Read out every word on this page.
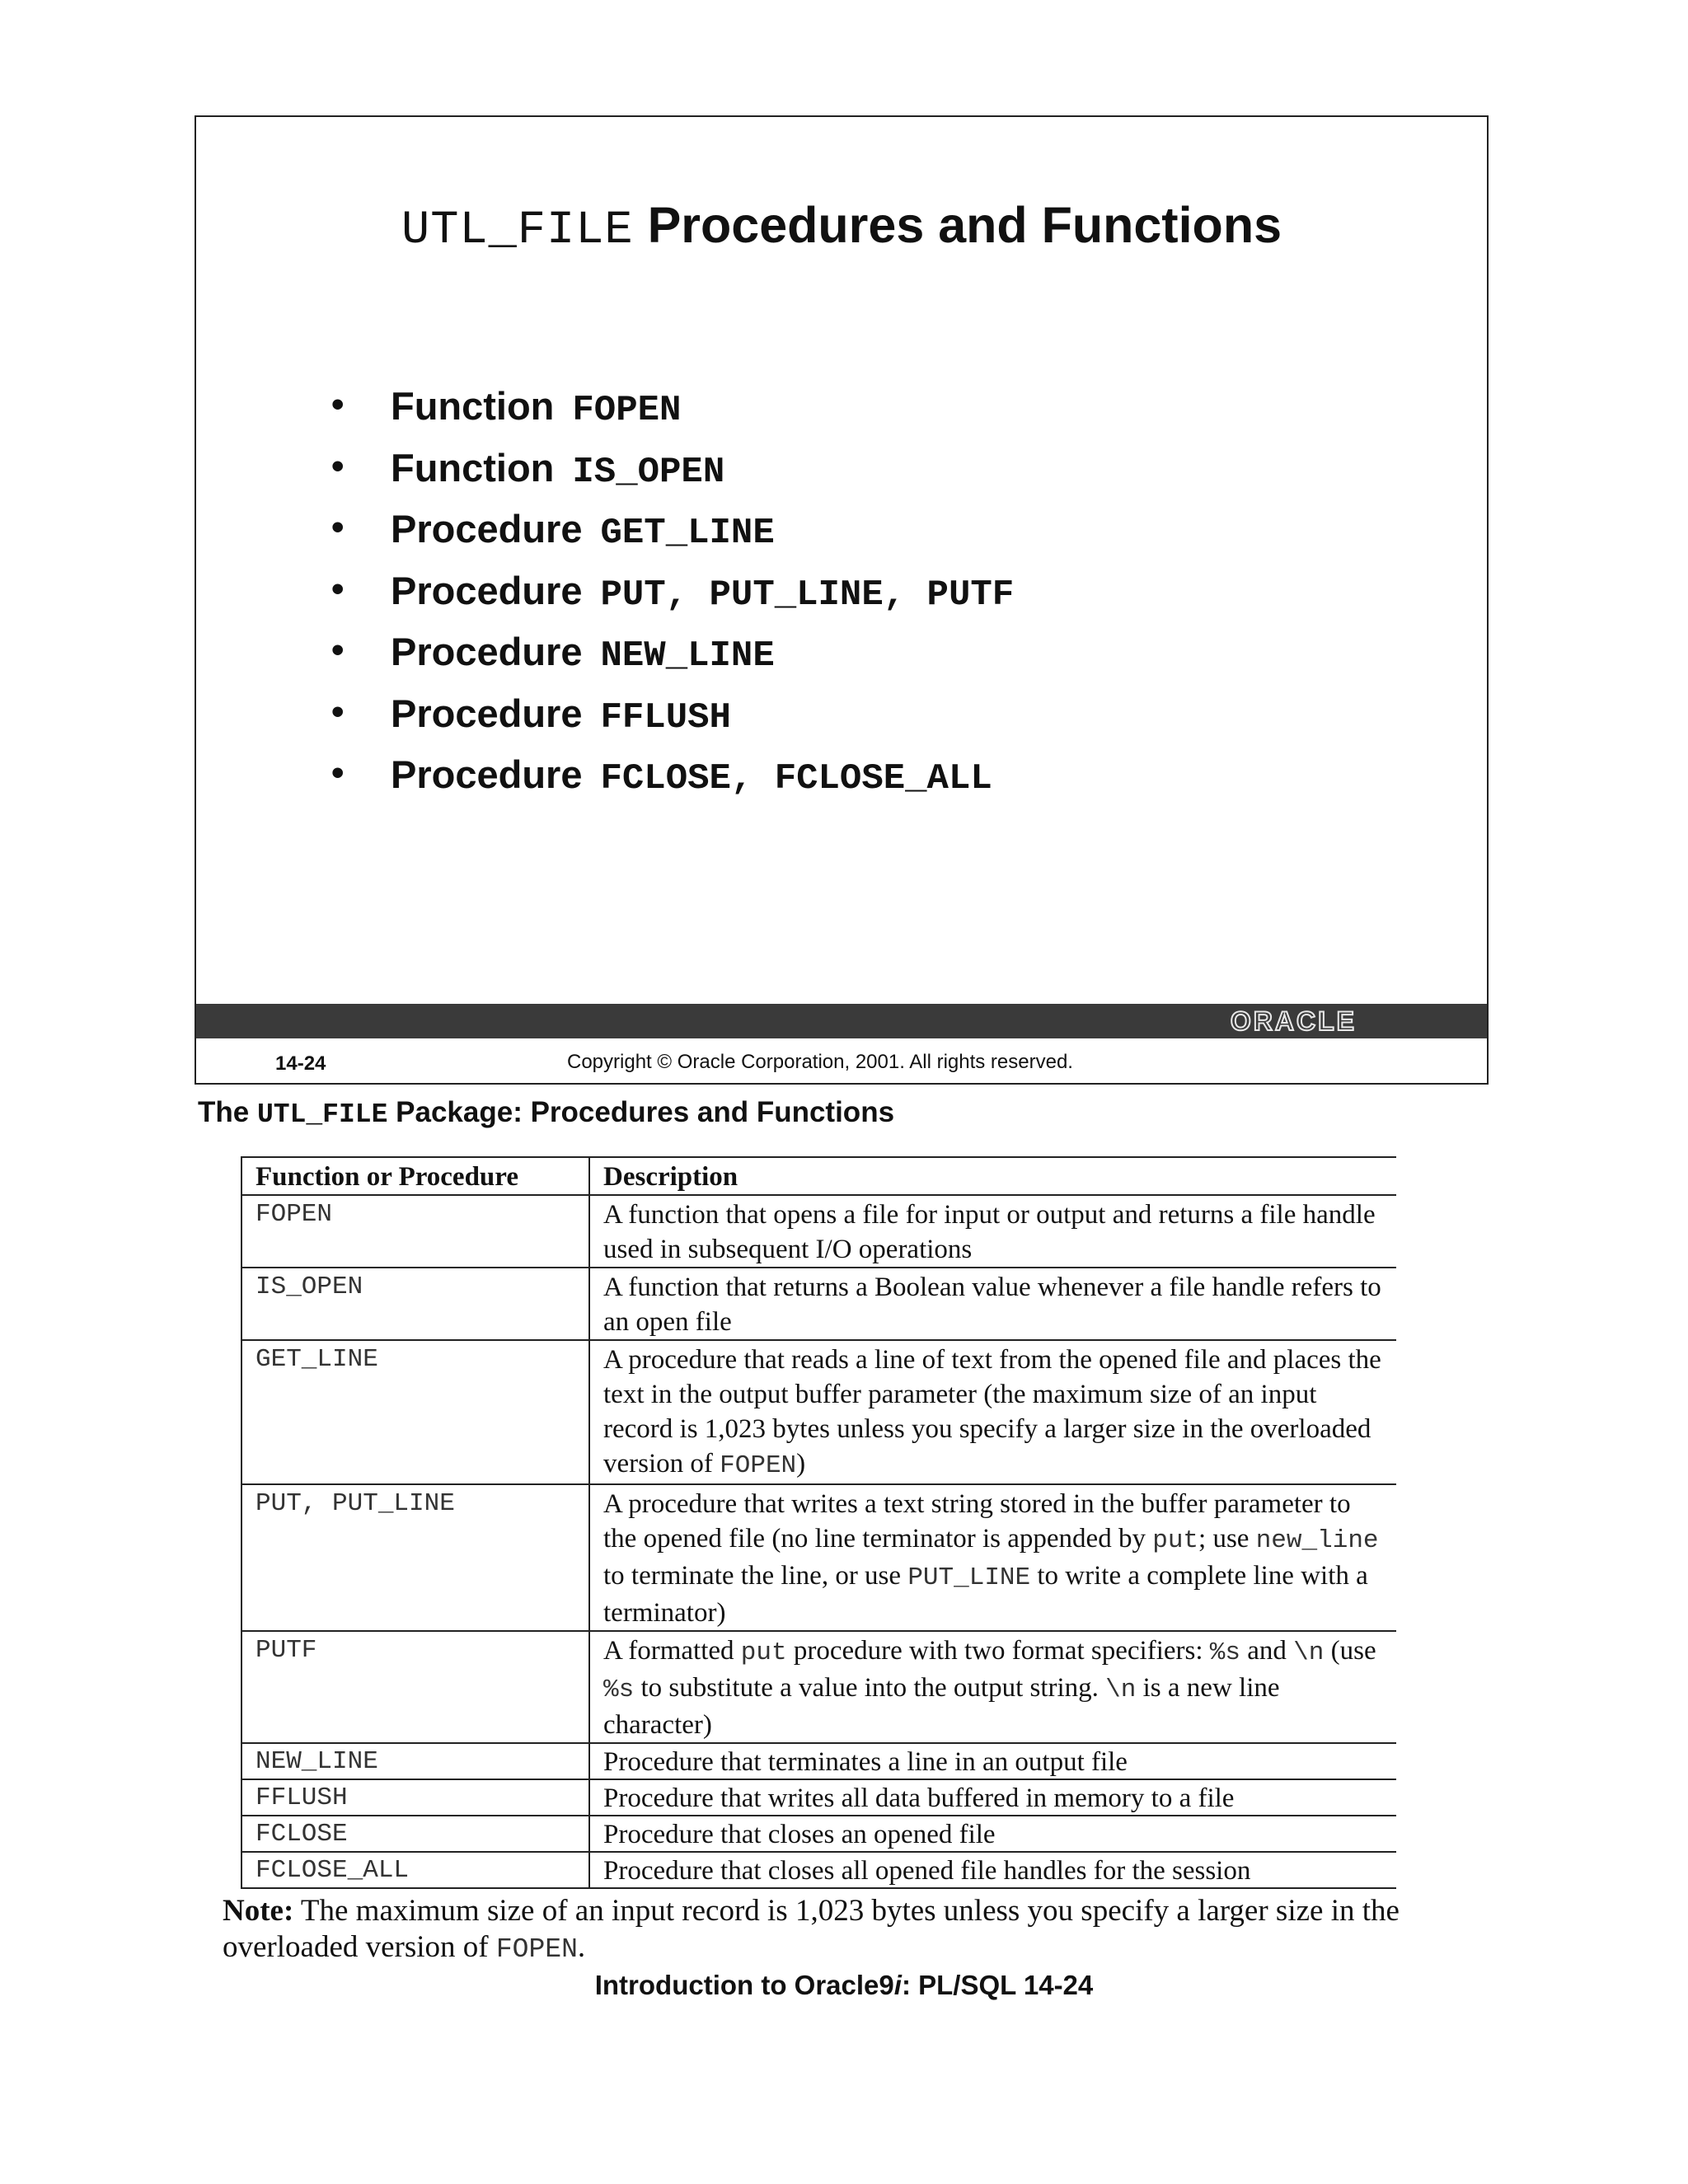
UTL_FILE Procedures and Functions
• Function FOPEN
• Function IS_OPEN
• Procedure GET_LINE
• Procedure PUT, PUT_LINE, PUTF
• Procedure NEW_LINE
• Procedure FFLUSH
• Procedure FCLOSE, FCLOSE_ALL
ORACLE
14-24	Copyright © Oracle Corporation, 2001. All rights reserved.
The UTL_FILE Package: Procedures and Functions
Function or Procedure	Description
FOPEN	A function that opens a file for input or output and returns a file handle used in subsequent I/O operations
IS_OPEN	A function that returns a Boolean value whenever a file handle refers to an open file
GET_LINE	A procedure that reads a line of text from the opened file and places the text in the output buffer parameter (the maximum size of an input record is 1,023 bytes unless you specify a larger size in the overloaded version of FOPEN)
PUT, PUT_LINE	A procedure that writes a text string stored in the buffer parameter to the opened file (no line terminator is appended by put; use new_line to terminate the line, or use PUT_LINE to write a complete line with a terminator)
PUTF	A formatted put procedure with two format specifiers: %s and \n (use %s to substitute a value into the output string. \n is a new line character)
NEW_LINE	Procedure that terminates a line in an output file
FFLUSH	Procedure that writes all data buffered in memory to a file
FCLOSE	Procedure that closes an opened file
FCLOSE_ALL	Procedure that closes all opened file handles for the session
Note: The maximum size of an input record is 1,023 bytes unless you specify a larger size in the overloaded version of FOPEN.
Introduction to Oracle9i: PL/SQL 14-24
